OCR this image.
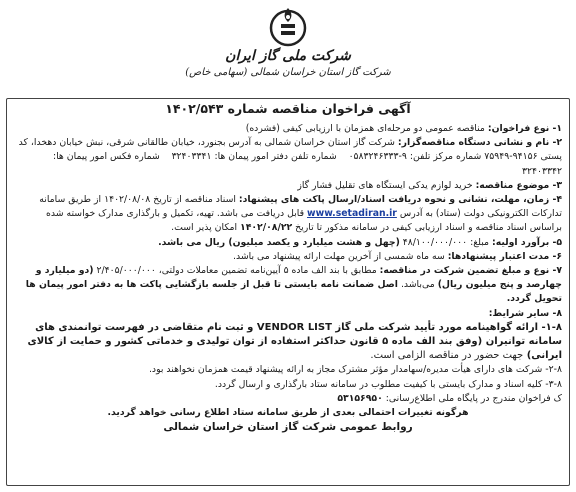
شرکت ملی گاز ایران
شرکت گاز استان خراسان شمالی (سهامی خاص)
آگهی فراخوان مناقصه شماره ۱۴۰۲/۵۴۳

۱- نوع فراخوان: مناقصه عمومی دو مرحله‌ای همزمان با ارزیابی کیفی (فشرده)

۲- نام و نشانی دستگاه مناقصه‌گزار: شرکت گاز استان خراسان شمالی به آدرس بجنورد، خیابان طالقانی شرقی، نبش خیابان دهخدا، کد پستی ۹۴۱۵۶-۷۵۹۴۹ شماره مرکز تلفن: ۹-۰۵۸۳۲۴۶۳۳۳    شماره تلفن دفتر امور پیمان ها: ۳۲۴۰۳۳۴۱    شماره فکس امور پیمان ها: ۳۲۴۰۳۳۴۲

۳- موضوع مناقصه: خرید لوازم یدکی ایستگاه های تقلیل فشار گاز

۴- زمان، مهلت، نشانی و نحوه دریافت اسناد/ارسال پاکت های پیشنهاد: اسناد مناقصه از تاریخ ۱۴۰۲/۰۸/۰۸ از طریق سامانه تدارکات الکترونیکی دولت (ستاد) به آدرس www.setadiran.ir قابل دریافت می باشد. تهیه، تکمیل و بارگذاری مدارک خواسته شده براساس اسناد مناقصه و اسناد ارزیابی کیفی در سامانه مذکور تا تاریخ ۱۴۰۲/۰۸/۲۲ امکان پذیر است.

۵- برآورد اولیه: مبلغ: ۴۸/۱۰۰/۰۰۰/۰۰۰ (چهل و هشت میلیارد و یکصد میلیون) ریال می باشد.

۶- مدت اعتبار پیشنهادها: سه ماه شمسی از آخرین مهلت ارائه پیشنهاد می باشد.

۷- نوع و مبلغ تضمین شرکت در مناقصه: مطابق با بند الف ماده ۵ آیین‌نامه تضمین معاملات دولتی، ۲/۴۰۵/۰۰۰/۰۰۰ (دو میلیارد و چهارصد و پنج میلیون ریال) می‌باشد. اصل ضمانت نامه بایستی تا قبل از جلسه بازگشایی پاکت ها به دفتر امور پیمان ها تحویل گردد.

۸- سایر شرایط:

۱-۸- ارائه گواهینامه مورد تأیید شرکت ملی گاز VENDOR LIST و ثبت نام متقاضی در فهرست توانمندی های سامانه توانیران (وفق بند الف ماده ۵ قانون حداکثر استفاده از توان تولیدی و خدماتی کشور و حمایت از کالای ایرانی) جهت حضور در مناقصه الزامی است.

۲-۸- شرکت های دارای هیأت مدیره/سهامدار مؤثر مشترک مجاز به ارائه پیشنهاد قیمت همزمان نخواهند بود.

۳-۸- کلیه اسناد و مدارک بایستی با کیفیت مطلوب در سامانه ستاد بارگذاری و ارسال گردد.

ک فراخوان مندرج در پایگاه ملی اطلاع‌رسانی: ۵۳۱۵۶۹۵۰

هرگونه تغییرات احتمالی بعدی از طریق سامانه ستاد اطلاع رسانی خواهد گردید.

روابط عمومی شرکت گاز استان خراسان شمالی
